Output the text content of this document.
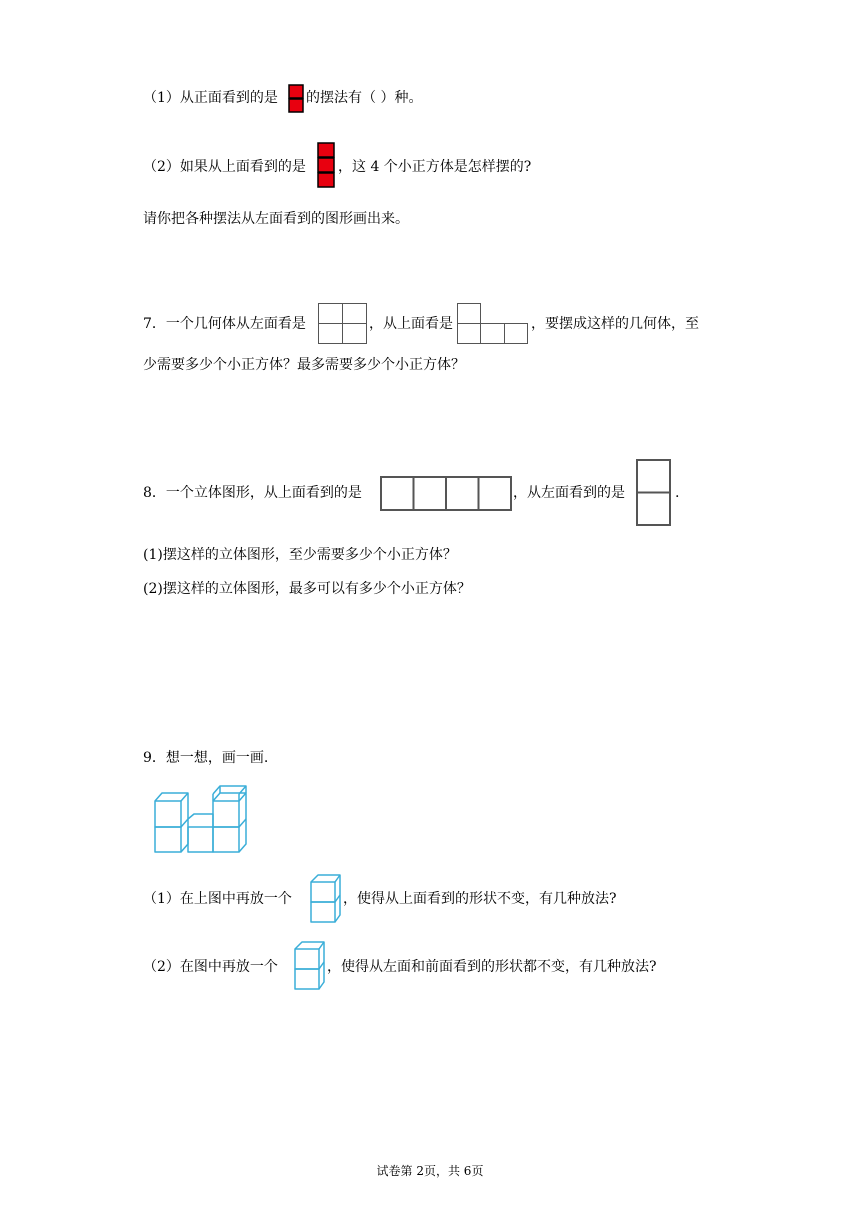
（1）从正面看到的是 的摆法有（ ）种。
（2）如果从上面看到的是 ，这 4 个小正方体是怎样摆的?
请你把各种摆法从左面看到的图形画出来。
7．一个几何体从左面看是	，从上面看是	，要摆成这样的几何体，至
少需要多少个小正方体？最多需要多少个小正方体？
8．一个立体图形，从上面看到的是	，从左面看到的是	.
(1)摆这样的立体图形，至少需要多少个小正方体？
(2)摆这样的立体图形，最多可以有多少个小正方体？
9．想一想，画一画.
（1）在上图中再放一个	，使得从上面看到的形状不变，有几种放法?
（2）在图中再放一个	，使得从左面和前面看到的形状都不变，有几种放法?
试卷第 2页，共 6页
